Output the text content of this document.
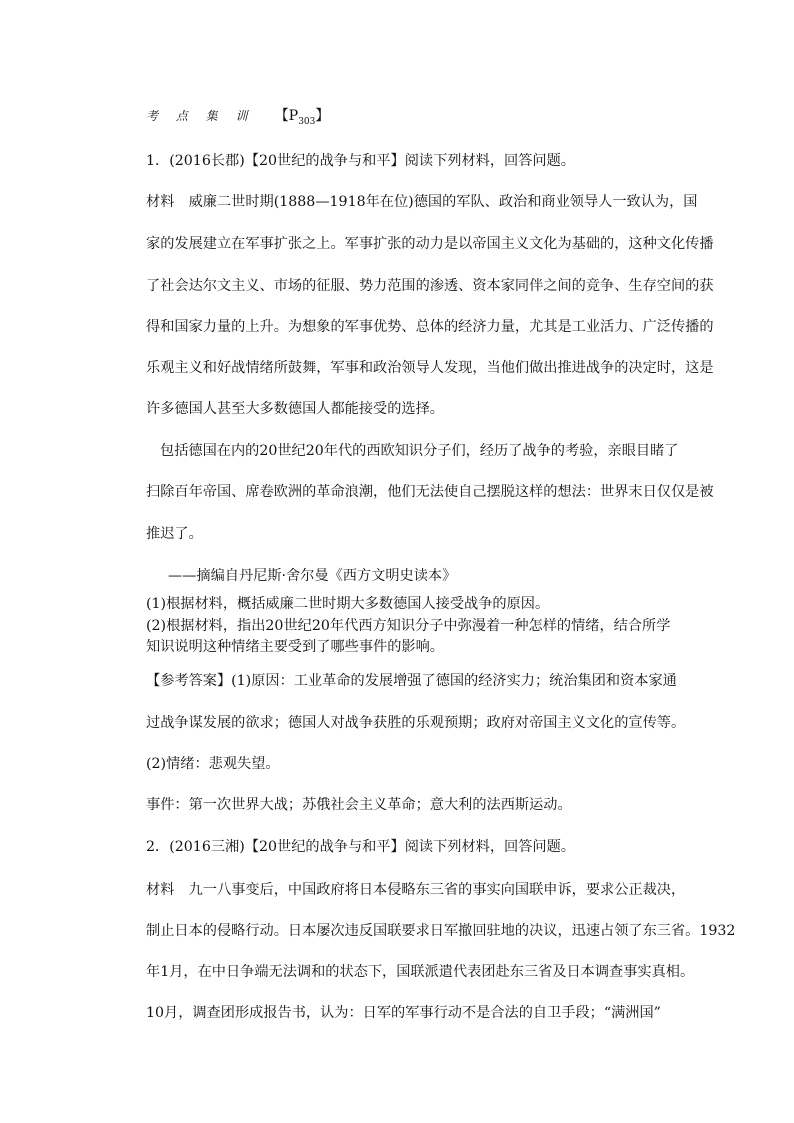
考 点 集 训 【$P_{303}$】
1．(2016长郡)【20世纪的战争与和平】阅读下列材料，回答问题。
材料　威廉二世时期(1888—1918年在位)德国的军队、政治和商业领导人一致认为，国
家的发展建立在军事扩张之上。军事扩张的动力是以帝国主义文化为基础的，这种文化传播
了社会达尔文主义、市场的征服、势力范围的渗透、资本家同伴之间的竞争、生存空间的获
得和国家力量的上升。为想象的军事优势、总体的经济力量，尤其是工业活力、广泛传播的
乐观主义和好战情绪所鼓舞，军事和政治领导人发现，当他们做出推进战争的决定时，这是
许多德国人甚至大多数德国人都能接受的选择。
包括德国在内的20世纪20年代的西欧知识分子们，经历了战争的考验，亲眼目睹了
扫除百年帝国、席卷欧洲的革命浪潮，他们无法使自己摆脱这样的想法：世界末日仅仅是被
推迟了。
——摘编自丹尼斯·舍尔曼《西方文明史读本》
(1)根据材料，概括威廉二世时期大多数德国人接受战争的原因。
(2)根据材料，指出20世纪20年代西方知识分子中弥漫着一种怎样的情绪，结合所学
知识说明这种情绪主要受到了哪些事件的影响。
【参考答案】(1)原因：工业革命的发展增强了德国的经济实力；统治集团和资本家通
过战争谋发展的欲求；德国人对战争获胜的乐观预期；政府对帝国主义文化的宣传等。
(2)情绪：悲观失望。
事件：第一次世界大战；苏俄社会主义革命；意大利的法西斯运动。
2．(2016三湘)【20世纪的战争与和平】阅读下列材料，回答问题。
材料　九一八事变后，中国政府将日本侵略东三省的事实向国联申诉，要求公正裁决，
制止日本的侵略行动。日本屡次违反国联要求日军撤回驻地的决议，迅速占领了东三省。1932
年1月，在中日争端无法调和的状态下，国联派遣代表团赴东三省及日本调查事实真相。
10月，调查团形成报告书，认为：日军的军事行动不是合法的自卫手段；“满洲国”
